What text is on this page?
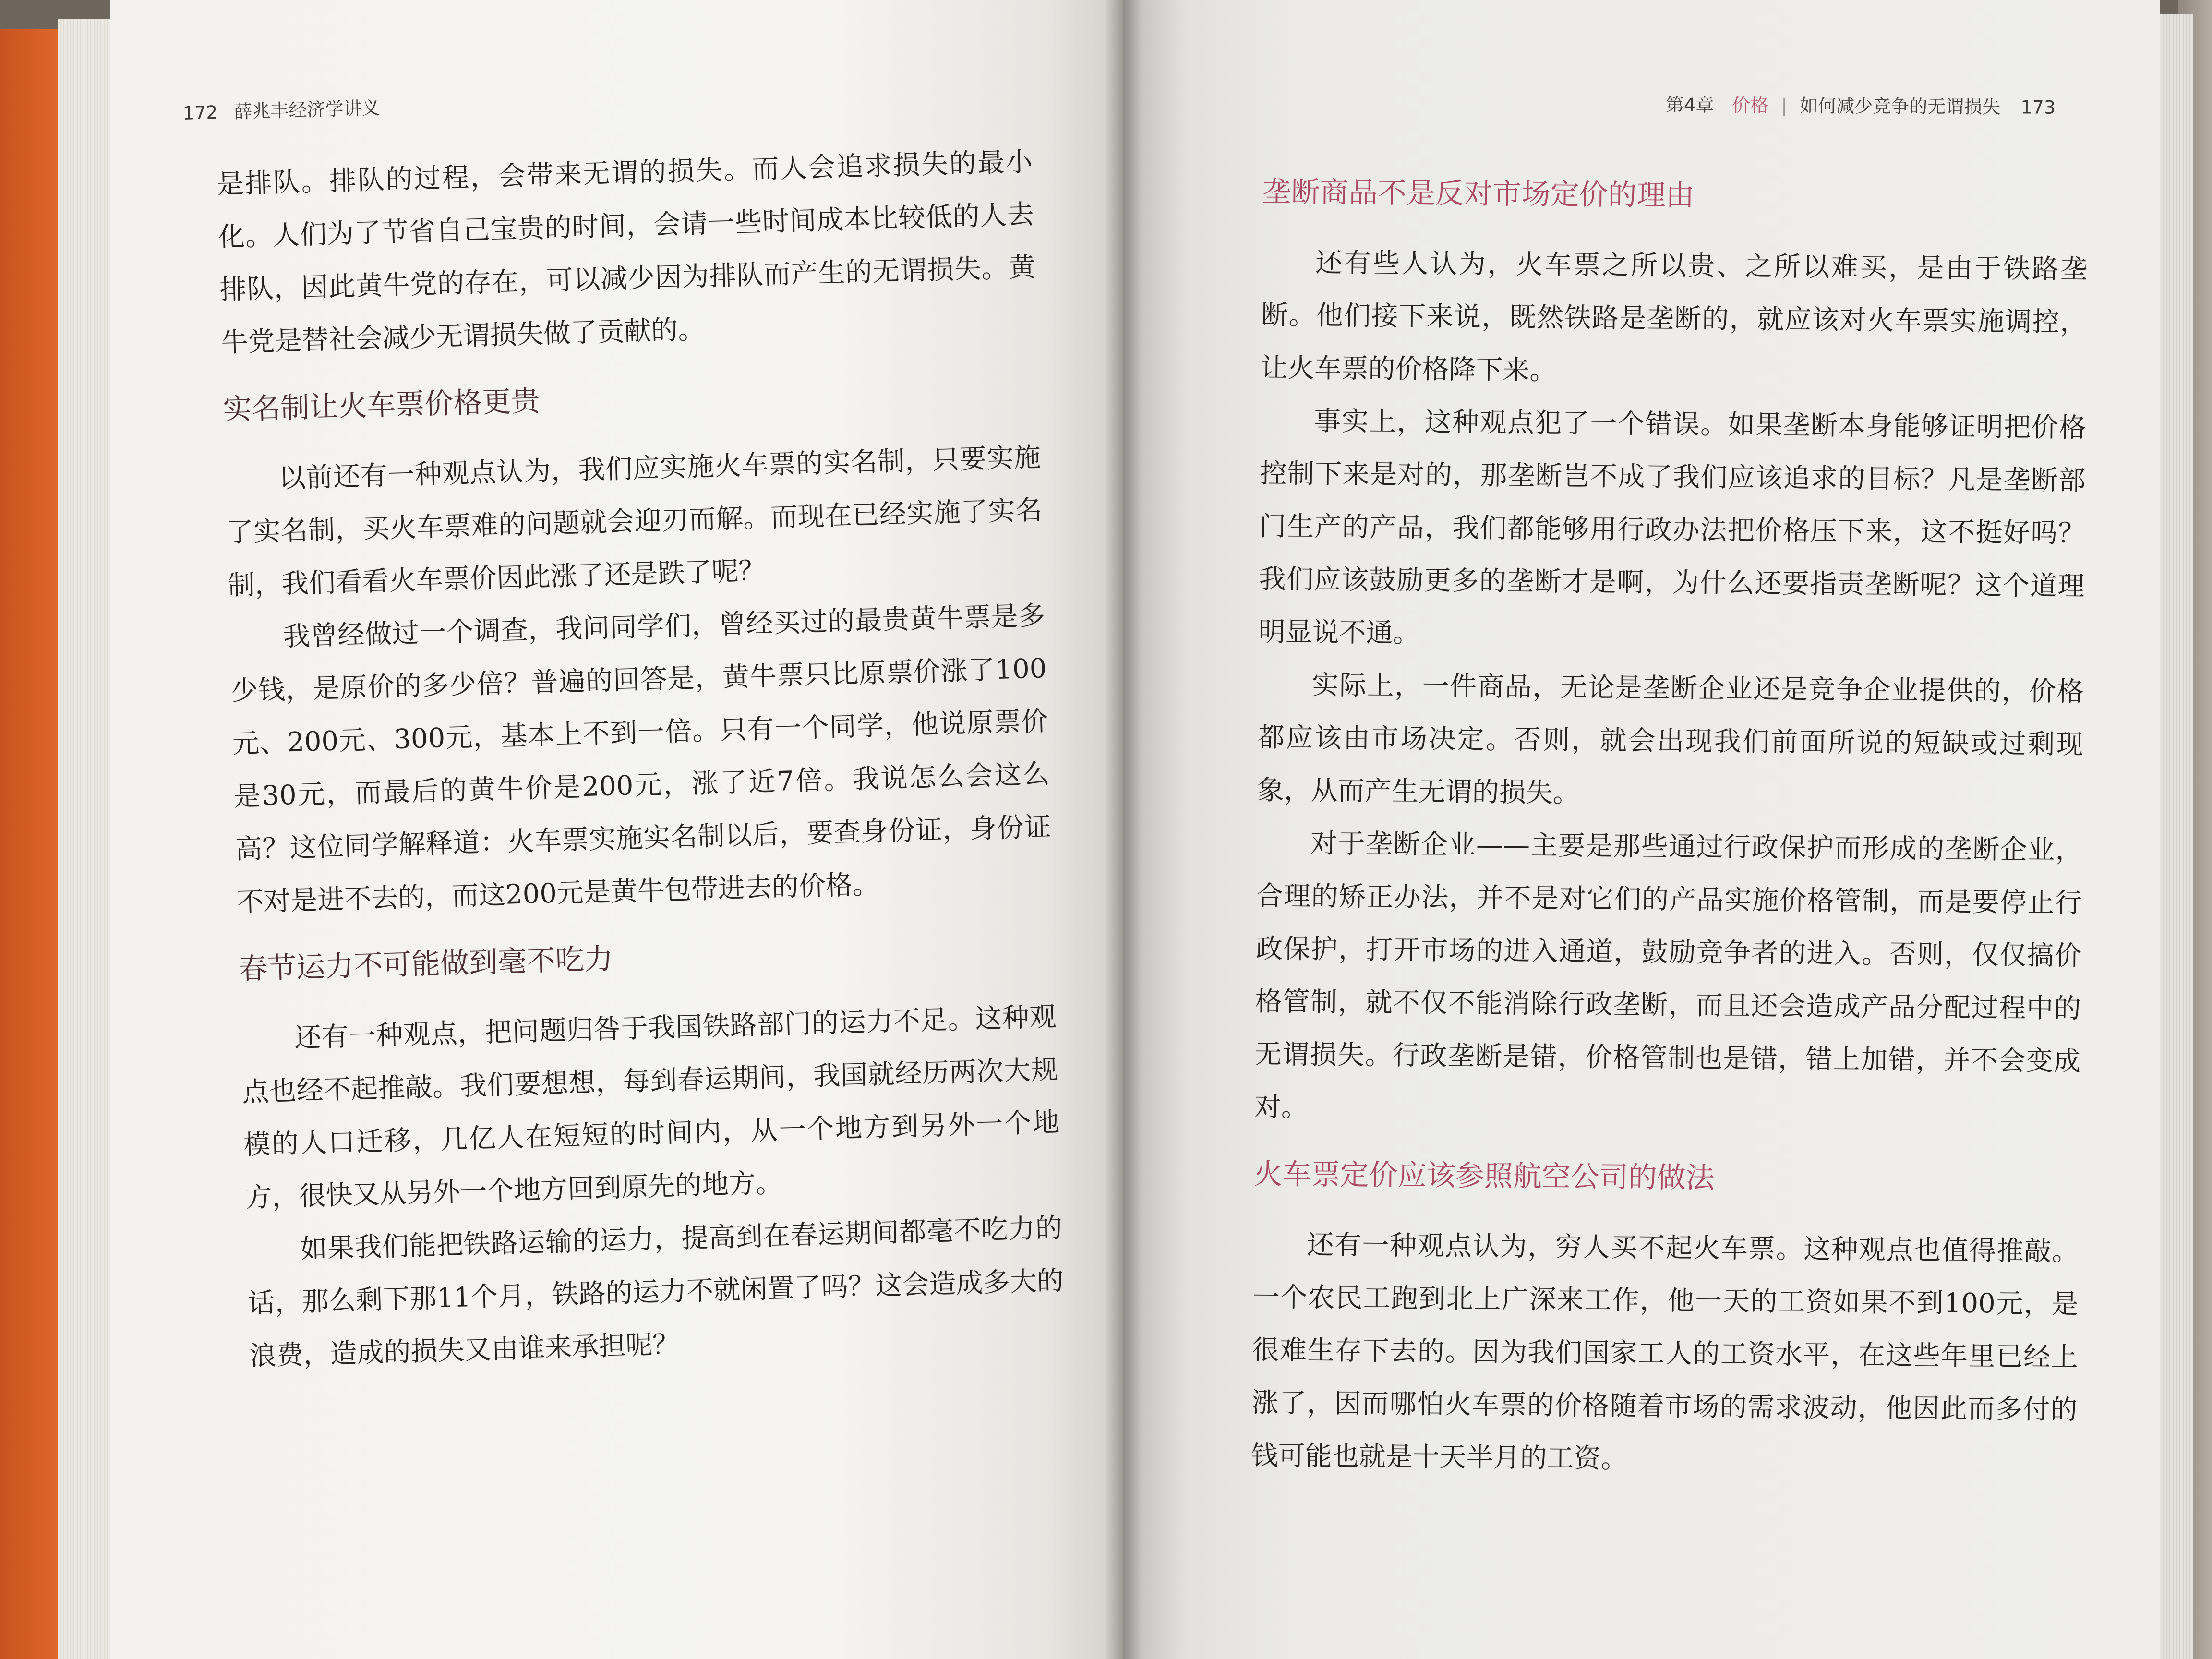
172 薛兆丰经济学讲义	第4章 价格 | 如何减少竞争的无谓损失 173

是排队。排队的过程，会带来无谓的损失。而人会追求损失的最小化。人们为了节省自己宝贵的时间，会请一些时间成本比较低的人去排队，因此黄牛党的存在，可以减少因为排队而产生的无谓损失。黄牛党是替社会减少无谓损失做了贡献的。

实名制让火车票价格更贵

以前还有一种观点认为，我们应实施火车票的实名制，只要实施了实名制，买火车票难的问题就会迎刃而解。而现在已经实施了实名制，我们看看火车票价因此涨了还是跌了呢？

我曾经做过一个调查，我问同学们，曾经买过的最贵黄牛票是多少钱，是原价的多少倍？普遍的回答是，黄牛票只比原票价涨了100元、200元、300元，基本上不到一倍。只有一个同学，他说原票价是30元，而最后的黄牛价是200元，涨了近7倍。我说怎么会这么高？这位同学解释道：火车票实施实名制以后，要查身份证，身份证不对是进不去的，而这200元是黄牛包带进去的价格。

春节运力不可能做到毫不吃力

还有一种观点，把问题归咎于我国铁路部门的运力不足。这种观点也经不起推敲。我们要想想，每到春运期间，我国就经历两次大规模的人口迁移，几亿人在短短的时间内，从一个地方到另外一个地方，很快又从另外一个地方回到原先的地方。

如果我们能把铁路运输的运力，提高到在春运期间都毫不吃力的话，那么剩下那11个月，铁路的运力不就闲置了吗？这会造成多大的浪费，造成的损失又由谁来承担呢？

垄断商品不是反对市场定价的理由

还有些人认为，火车票之所以贵、之所以难买，是由于铁路垄断。他们接下来说，既然铁路是垄断的，就应该对火车票实施调控，让火车票的价格降下来。

事实上，这种观点犯了一个错误。如果垄断本身能够证明把价格控制下来是对的，那垄断岂不成了我们应该追求的目标？凡是垄断部门生产的产品，我们都能够用行政办法把价格压下来，这不挺好吗？我们应该鼓励更多的垄断才是啊，为什么还要指责垄断呢？这个道理明显说不通。

实际上，一件商品，无论是垄断企业还是竞争企业提供的，价格都应该由市场决定。否则，就会出现我们前面所说的短缺或过剩现象，从而产生无谓的损失。

对于垄断企业——主要是那些通过行政保护而形成的垄断企业，合理的矫正办法，并不是对它们的产品实施价格管制，而是要停止行政保护，打开市场的进入通道，鼓励竞争者的进入。否则，仅仅搞价格管制，就不仅不能消除行政垄断，而且还会造成产品分配过程中的无谓损失。行政垄断是错，价格管制也是错，错上加错，并不会变成对。

火车票定价应该参照航空公司的做法

还有一种观点认为，穷人买不起火车票。这种观点也值得推敲。一个农民工跑到北上广深来工作，他一天的工资如果不到100元，是很难生存下去的。因为我们国家工人的工资水平，在这些年里已经上涨了，因而哪怕火车票的价格随着市场的需求波动，他因此而多付的钱可能也就是十天半月的工资。
